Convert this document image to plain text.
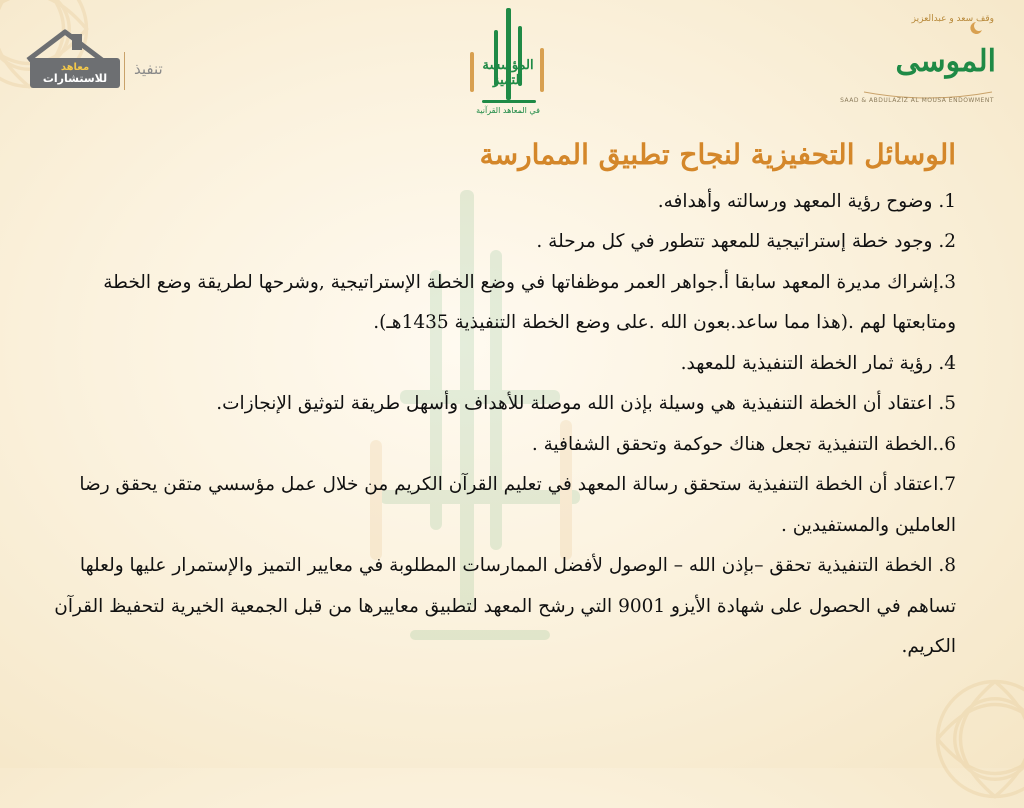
معاهد
للاستشارات تنفيذ	المؤسسة التميز
في المعاهد القرآنية
وقف سعد و عبدالعزيز
الموسى
SAAD & ABDULAZIZ AL MOUSA ENDOWMENT
الوسائل التحفيزية لنجاح تطبيق الممارسة
1. وضوح رؤية المعهد ورسالته وأهدافه.
2. وجود خطة إستراتيجية للمعهد تتطور في كل مرحلة .
3.إشراك مديرة المعهد سابقا أ.جواهر العمر موظفاتها في وضع الخطة الإستراتيجية ,وشرحها لطريقة وضع الخطة ومتابعتها لهم .(هذا مما ساعد.بعون الله .على وضع الخطة التنفيذية 1435هـ).
4. رؤية ثمار الخطة التنفيذية للمعهد.
5. اعتقاد أن الخطة التنفيذية هي وسيلة بإذن الله موصلة للأهداف وأسهل طريقة لتوثيق الإنجازات.
6..الخطة التنفيذية تجعل هناك حوكمة وتحقق الشفافية .
7.اعتقاد أن الخطة التنفيذية ستحقق رسالة المعهد في تعليم القرآن الكريم من خلال عمل مؤسسي متقن يحقق رضا العاملين والمستفيدين .
8. الخطة التنفيذية تحقق –بإذن الله – الوصول لأفضل الممارسات المطلوبة في معايير التميز والإستمرار عليها ولعلها تساهم في الحصول على شهادة الأيزو 9001 التي رشح المعهد لتطبيق معاييرها من قبل الجمعية الخيرية لتحفيظ القرآن الكريم.
